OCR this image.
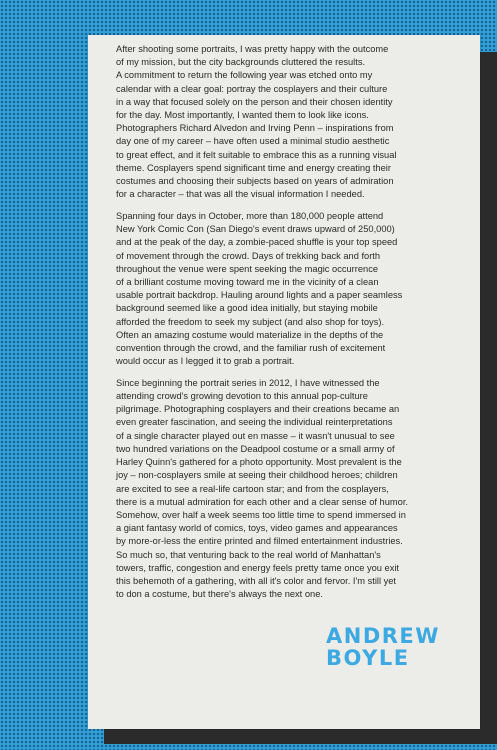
After shooting some portraits, I was pretty happy with the outcome
of my mission, but the city backgrounds cluttered the results.
A commitment to return the following year was etched onto my
calendar with a clear goal: portray the cosplayers and their culture
in a way that focused solely on the person and their chosen identity
for the day. Most importantly, I wanted them to look like icons.
Photographers Richard Alvedon and Irving Penn – inspirations from
day one of my career – have often used a minimal studio aesthetic
to great effect, and it felt suitable to embrace this as a running visual
theme. Cosplayers spend significant time and energy creating their
costumes and choosing their subjects based on years of admiration
for a character – that was all the visual information I needed.

Spanning four days in October, more than 180,000 people attend
New York Comic Con (San Diego's event draws upward of 250,000)
and at the peak of the day, a zombie-paced shuffle is your top speed
of movement through the crowd. Days of trekking back and forth
throughout the venue were spent seeking the magic occurrence
of a brilliant costume moving toward me in the vicinity of a clean
usable portrait backdrop. Hauling around lights and a paper seamless
background seemed like a good idea initially, but staying mobile
afforded the freedom to seek my subject (and also shop for toys).
Often an amazing costume would materialize in the depths of the
convention through the crowd, and the familiar rush of excitement
would occur as I legged it to grab a portrait.

Since beginning the portrait series in 2012, I have witnessed the
attending crowd's growing devotion to this annual pop-culture
pilgrimage. Photographing cosplayers and their creations became an
even greater fascination, and seeing the individual reinterpretations
of a single character played out en masse – it wasn't unusual to see
two hundred variations on the Deadpool costume or a small army of
Harley Quinn's gathered for a photo opportunity. Most prevalent is the
joy – non-cosplayers smile at seeing their childhood heroes; children
are excited to see a real-life cartoon star; and from the cosplayers,
there is a mutual admiration for each other and a clear sense of humor.
Somehow, over half a week seems too little time to spend immersed in
a giant fantasy world of comics, toys, video games and appearances
by more-or-less the entire printed and filmed entertainment industries.
So much so, that venturing back to the real world of Manhattan's
towers, traffic, congestion and energy feels pretty tame once you exit
this behemoth of a gathering, with all it's color and fervor. I'm still yet
to don a costume, but there's always the next one.

ANDREW
BOYLE
